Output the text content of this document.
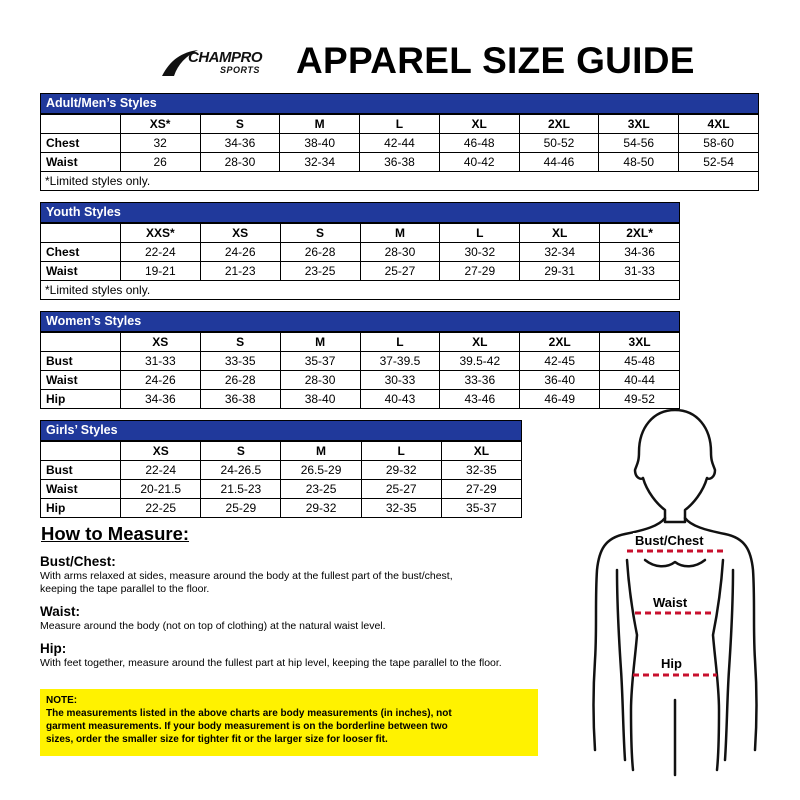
CHAMPRO
SPORTS APPAREL SIZE GUIDE
Adult/Men’s Styles								
	XS*	S	M	L	XL	2XL	3XL	4XL
Chest	32	34-36	38-40	42-44	46-48	50-52	54-56	58-60
Waist	26	28-30	32-34	36-38	40-42	44-46	48-50	52-54
*Limited styles only.								
Youth Styles							
	XXS*	XS	S	M	L	XL	2XL*
Chest	22-24	24-26	26-28	28-30	30-32	32-34	34-36
Waist	19-21	21-23	23-25	25-27	27-29	29-31	31-33
*Limited styles only.							
Women’s Styles							
	XS	S	M	L	XL	2XL	3XL
Bust	31-33	33-35	35-37	37-39.5	39.5-42	42-45	45-48
Waist	24-26	26-28	28-30	30-33	33-36	36-40	40-44
Hip	34-36	36-38	38-40	40-43	43-46	46-49	49-52
Girls’ Styles					
	XS	S	M	L	XL
Bust	22-24	24-26.5	26.5-29	29-32	32-35
Waist	20-21.5	21.5-23	23-25	25-27	27-29
Hip	22-25	25-29	29-32	32-35	35-37
How to Measure:
Bust/Chest:

With arms relaxed at sides, measure around the body at the fullest part of the bust/chest,

keeping the tape parallel to the floor.

Waist:

Measure around the body (not on top of clothing) at the natural waist level.

Hip:

With feet together, measure around the fullest part at hip level, keeping the tape parallel to the floor.

NOTE:
The measurements listed in the above charts are body measurements (in inches), not
garment measurements. If your body measurement is on the borderline between two
sizes, order the smaller size for tighter fit or the larger size for looser fit.
Bust/Chest
Waist
Hip
